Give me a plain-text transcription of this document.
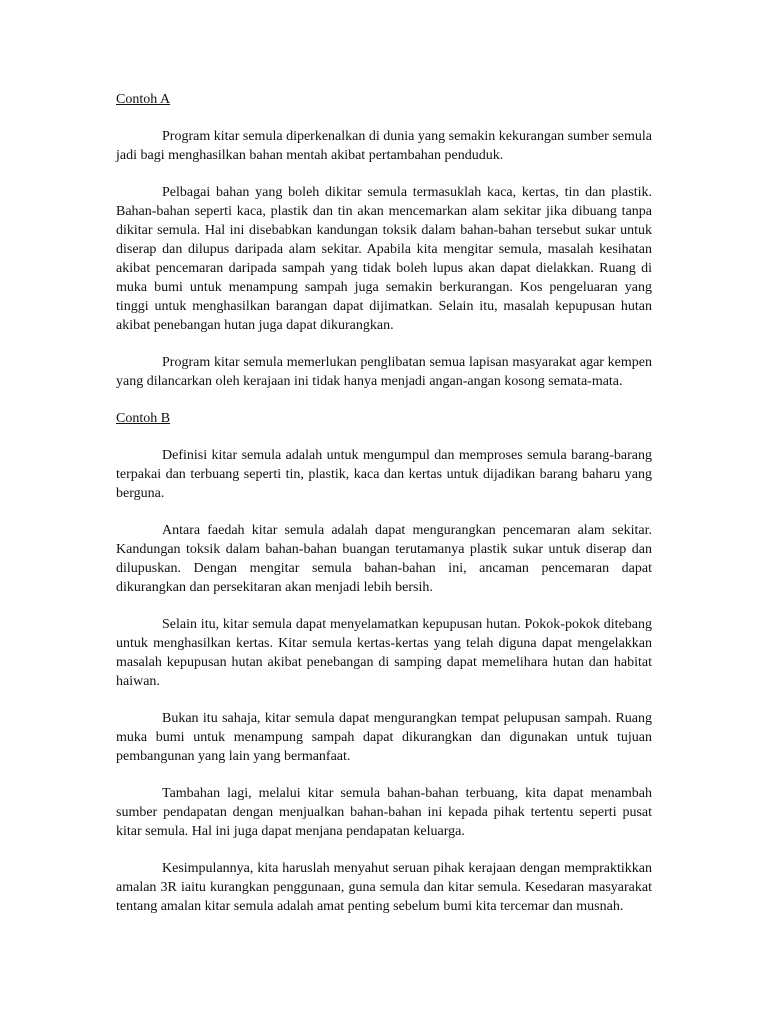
Contoh A

Program kitar semula diperkenalkan di dunia yang semakin kekurangan sumber semula jadi bagi menghasilkan bahan mentah akibat pertambahan penduduk.

Pelbagai bahan yang boleh dikitar semula termasuklah kaca, kertas, tin dan plastik. Bahan-bahan seperti kaca, plastik dan tin akan mencemarkan alam sekitar jika dibuang tanpa dikitar semula. Hal ini disebabkan kandungan toksik dalam bahan-bahan tersebut sukar untuk diserap dan dilupus daripada alam sekitar. Apabila kita mengitar semula, masalah kesihatan akibat pencemaran daripada sampah yang tidak boleh lupus akan dapat dielakkan. Ruang di muka bumi untuk menampung sampah juga semakin berkurangan. Kos pengeluaran yang tinggi untuk menghasilkan barangan dapat dijimatkan. Selain itu, masalah kepupusan hutan akibat penebangan hutan juga dapat dikurangkan.

Program kitar semula memerlukan penglibatan semua lapisan masyarakat agar kempen yang dilancarkan oleh kerajaan ini tidak hanya menjadi angan-angan kosong semata-mata.

Contoh B

Definisi kitar semula adalah untuk mengumpul dan memproses semula barang-barang terpakai dan terbuang seperti tin, plastik, kaca dan kertas untuk dijadikan barang baharu yang berguna.

Antara faedah kitar semula adalah dapat mengurangkan pencemaran alam sekitar. Kandungan toksik dalam bahan-bahan buangan terutamanya plastik sukar untuk diserap dan dilupuskan. Dengan mengitar semula bahan-bahan ini, ancaman pencemaran dapat dikurangkan dan persekitaran akan menjadi lebih bersih.

Selain itu, kitar semula dapat menyelamatkan kepupusan hutan. Pokok-pokok ditebang untuk menghasilkan kertas. Kitar semula kertas-kertas yang telah diguna dapat mengelakkan masalah kepupusan hutan akibat penebangan di samping dapat memelihara hutan dan habitat haiwan.

Bukan itu sahaja, kitar semula dapat mengurangkan tempat pelupusan sampah. Ruang muka bumi untuk menampung sampah dapat dikurangkan dan digunakan untuk tujuan pembangunan yang lain yang bermanfaat.

Tambahan lagi, melalui kitar semula bahan-bahan terbuang, kita dapat menambah sumber pendapatan dengan menjualkan bahan-bahan ini kepada pihak tertentu seperti pusat kitar semula. Hal ini juga dapat menjana pendapatan keluarga.

Kesimpulannya, kita haruslah menyahut seruan pihak kerajaan dengan mempraktikkan amalan 3R iaitu kurangkan penggunaan, guna semula dan kitar semula. Kesedaran masyarakat tentang amalan kitar semula adalah amat penting sebelum bumi kita tercemar dan musnah.
